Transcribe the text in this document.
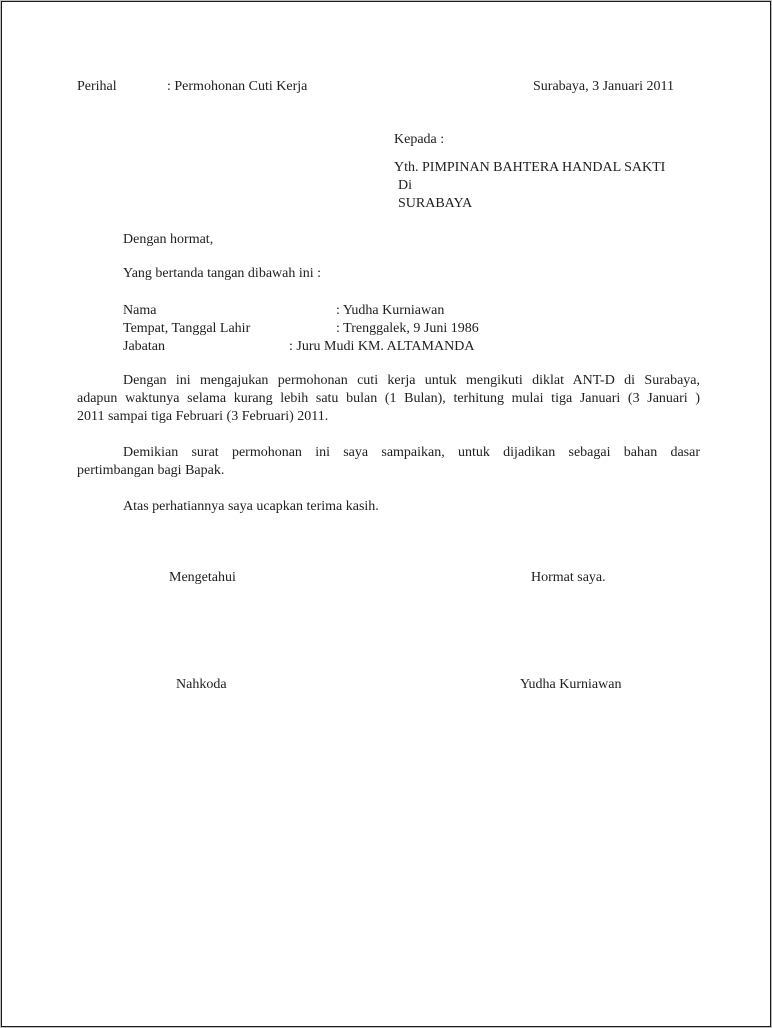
Perihal	: Permohonan Cuti Kerja	Surabaya, 3 Januari 2011
Kepada :
Yth. PIMPINAN BAHTERA HANDAL SAKTI
Di
SURABAYA
Dengan hormat,
Yang bertanda tangan dibawah ini :
Nama	: Yudha Kurniawan
Tempat, Tanggal Lahir	: Trenggalek, 9 Juni 1986
Jabatan	: Juru Mudi KM. ALTAMANDA
Dengan ini mengajukan permohonan cuti kerja untuk mengikuti diklat ANT-D di Surabaya,
adapun waktunya selama kurang lebih satu bulan (1 Bulan), terhitung mulai tiga Januari (3 Januari )
2011 sampai tiga Februari (3 Februari) 2011.
Demikian surat permohonan ini saya sampaikan, untuk dijadikan sebagai bahan dasar
pertimbangan bagi Bapak.
Atas perhatiannya saya ucapkan terima kasih.
Mengetahui	Hormat saya.
Nahkoda	Yudha Kurniawan
